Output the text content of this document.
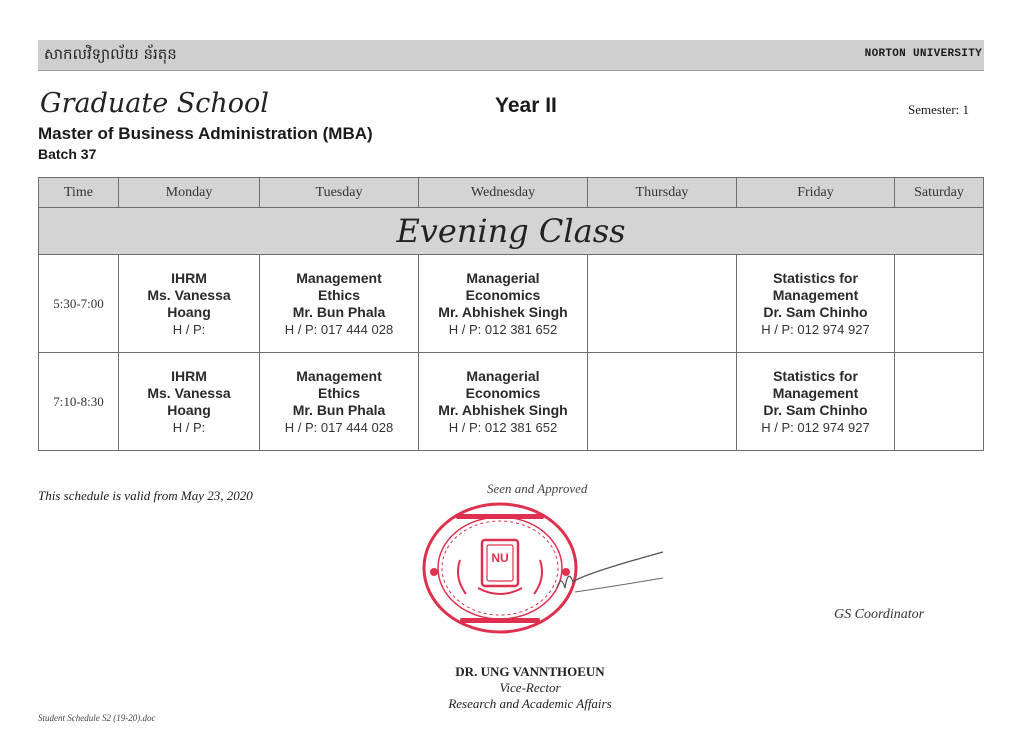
សាកលវិទ្យាល័យ ន័រតុន	NORTON UNIVERSITY
Graduate School	Year II	Semester: 1
Master of Business Administration (MBA)
Batch 37
Time	Monday	Tuesday	Wednesday	Thursday	Friday	Saturday
Evening Class						
5:30-7:00	IHRM
Ms. Vanessa
Hoang
H / P:	Management
Ethics
Mr. Bun Phala
H / P: 017 444 028	Managerial
Economics
Mr. Abhishek Singh
H / P: 012 381 652		Statistics for
Management
Dr. Sam Chinho
H / P: 012 974 927	

7:10-8:30	IHRM
Ms. Vanessa
Hoang
H / P:	Management
Ethics
Mr. Bun Phala
H / P: 017 444 028	Managerial
Economics
Mr. Abhishek Singh
H / P: 012 381 652		Statistics for
Management
Dr. Sam Chinho
H / P: 012 974 927	

This schedule is valid from May 23, 2020	Seen and Approved
NU
GS Coordinator
DR. UNG VANNTHOEUN
Vice-Rector
Research and Academic Affairs
Student Schedule S2 (19-20).doc
